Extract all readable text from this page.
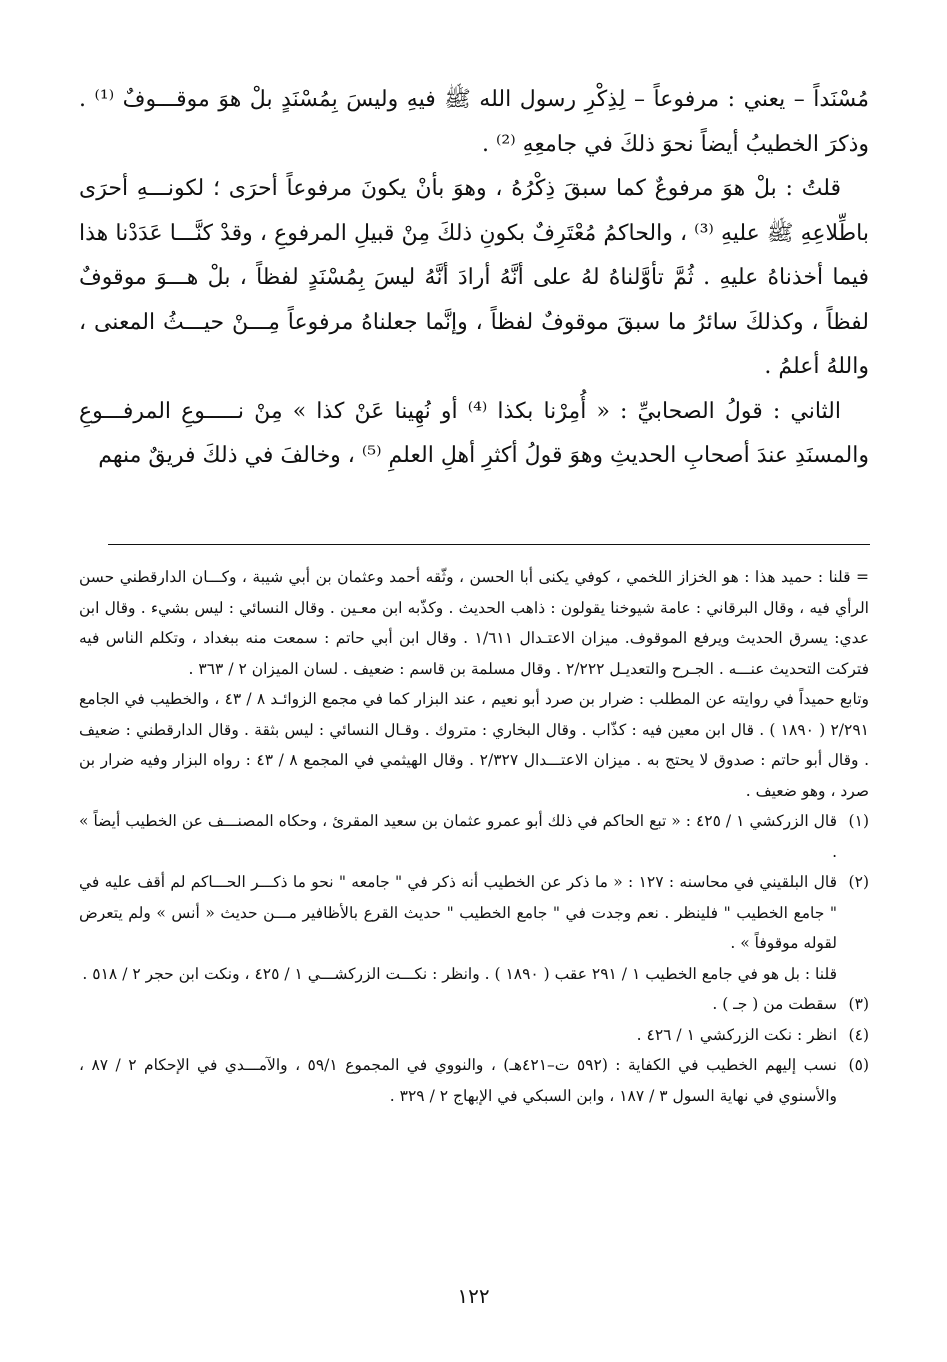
مُسْنَداً – يعني : مرفوعاً – لِذِكْرِ رسول الله ﷺ فيهِ وليسَ بِمُسْنَدٍ بلْ هوَ موقـــوفٌ ⁽¹⁾ . وذكرَ الخطيبُ أيضاً نحوَ ذلكَ في جامعِهِ ⁽²⁾ .

قلتُ : بلْ هوَ مرفوعٌ كما سبقَ ذِكْرُهُ ، وهوَ بأنْ يكونَ مرفوعاً أحرَى ؛ لكونـــهِ أحرَى باطِّلاعِهِ ﷺ عليهِ ⁽³⁾ ، والحاكمُ مُعْتَرِفٌ بكونِ ذلكَ مِنْ قبيلِ المرفوعِ ، وقدْ كنَّـــا عَدَدْنا هذا فيما أخذناهُ عليهِ . ثُمَّ تأوَّلناهُ لهُ على أنَّهُ أرادَ أنَّهُ ليسَ بِمُسْنَدٍ لفظاً ، بلْ هـــوَ موقوفٌ لفظاً ، وكذلكَ سائرُ ما سبقَ موقوفٌ لفظاً ، وإنَّما جعلناهُ مرفوعاً مِـــنْ حيـــثُ المعنى ، واللهُ أعلمُ .

الثاني : قولُ الصحابيِّ : « أُمِرْنا بكذا ⁽⁴⁾ أو نُهِينا عَنْ كذا » مِنْ نـــــوعِ المرفـــوعِ والمسنَدِ عندَ أصحابِ الحديثِ وهوَ قولُ أكثرِ أهلِ العلمِ ⁽⁵⁾ ، وخالفَ في ذلكَ فريقٌ منهم

= قلنا : حميد هذا : هو الخزاز اللخمي ، كوفي يكنى أبا الحسن ، وثّقه أحمد وعثمان بن أبي شيبة ، وكـــان الدارقطني حسن الرأي فيه ، وقال البرقاني : عامة شيوخنا يقولون : ذاهب الحديث . وكذّبه ابن معـين . وقال النسائي : ليس بشيء . وقال ابن عدي: يسرق الحديث ويرفع الموقوف. ميزان الاعتـدال ١/٦١١ . وقال ابن أبي حاتم : سمعت منه ببغداد ، وتكلم الناس فيه فتركت التحديث عنـــه . الجـرح والتعديـل ٢/٢٢٢ . وقال مسلمة بن قاسم : ضعيف . لسان الميزان ٢ / ٣٦٣ .

وتابع حميداً في روايته عن المطلب : ضرار بن صرد أبو نعيم ، عند البزار كما في مجمع الزوائـد ٨ / ٤٣ ، والخطيب في الجامع ٢/٢٩١ ( ١٨٩٠ ) . قال ابن معين فيه : كذّاب . وقال البخاري : متروك . وقـال النسائي : ليس بثقة . وقال الدارقطني : ضعيف . وقال أبو حاتم : صدوق لا يحتج به . ميزان الاعتـــدال ٢/٣٢٧ . وقال الهيثمي في المجمع ٨ / ٤٣ : رواه البزار وفيه ضرار بن صرد ، وهو ضعيف .

(١)
قال الزركشي ١ / ٤٢٥ : « تبع الحاكم في ذلك أبو عمرو عثمان بن سعيد المقرئ ، وحكاه المصنـــف عن الخطيب أيضاً » .
(٢)
قال البلقيني في محاسنه : ١٢٧ : « ما ذكر عن الخطيب أنه ذكر في " جامعه " نحو ما ذكـــر الحـــاكم لم أقف عليه في " جامع الخطيب " فلينظر . نعم وجدت في " جامع الخطيب " حديث القرع بالأظافير مـــن حديث « أنس » ولم يتعرض لقوله موقوفاً » .

قلنا : بل هو في جامع الخطيب ١ / ٢٩١ عقب ( ١٨٩٠ ) . وانظر : نكـــت الزركشـــي ١ / ٤٢٥ ، ونكت ابن حجر ٢ / ٥١٨ .

(٣)
سقطت من ( جـ ) .
(٤)
انظر : نكت الزركشي ١ / ٤٢٦ .
(٥)
نسب إليهم الخطيب في الكفاية : (٥٩٢ ت–٤٢١هـ) ، والنووي في المجموع ٥٩/١ ، والآمـــدي في الإحكام ٢ / ٨٧ ، والأسنوي في نهاية السول ٣ / ١٨٧ ، وابن السبكي في الإبهاج ٢ / ٣٢٩ .
١٢٢
